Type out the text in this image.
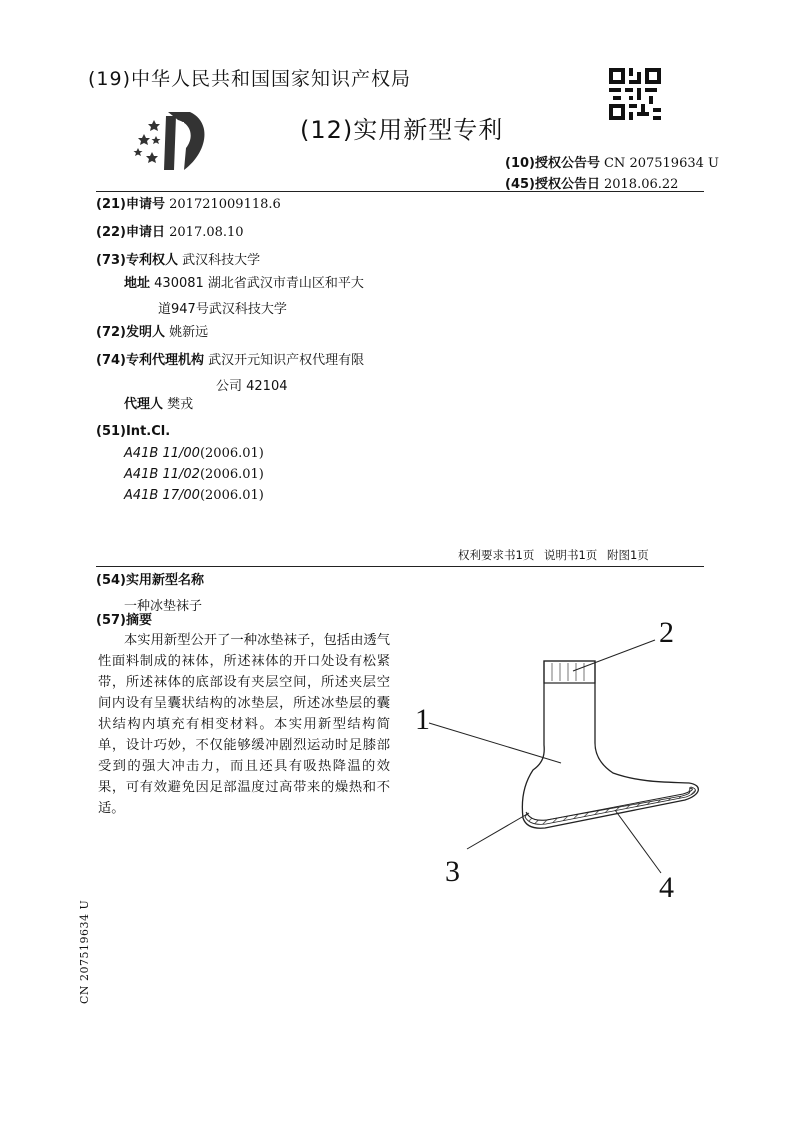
(19)中华人民共和国国家知识产权局
(12)实用新型专利
(10)授权公告号 CN 207519634 U
(45)授权公告日 2018.06.22
(21)申请号 201721009118.6
(22)申请日 2017.08.10
(73)专利权人 武汉科技大学
地址 430081 湖北省武汉市青山区和平大
道947号武汉科技大学
(72)发明人 姚新远
(74)专利代理机构 武汉开元知识产权代理有限
公司 42104
代理人 樊戎
(51)Int.Cl.
A41B 11/00(2006.01)
A41B 11/02(2006.01)
A41B 17/00(2006.01)
权利要求书1页 说明书1页 附图1页
(54)实用新型名称
一种冰垫袜子
(57)摘要
本实用新型公开了一种冰垫袜子，包括由透气性面料制成的袜体，所述袜体的开口处设有松紧带，所述袜体的底部设有夹层空间，所述夹层空间内设有呈囊状结构的冰垫层，所述冰垫层的囊状结构内填充有相变材料。本实用新型结构简单，设计巧妙，不仅能够缓冲剧烈运动时足膝部受到的强大冲击力，而且还具有吸热降温的效果，可有效避免因足部温度过高带来的燥热和不适。
CN 207519634 U
1
2
3	4
